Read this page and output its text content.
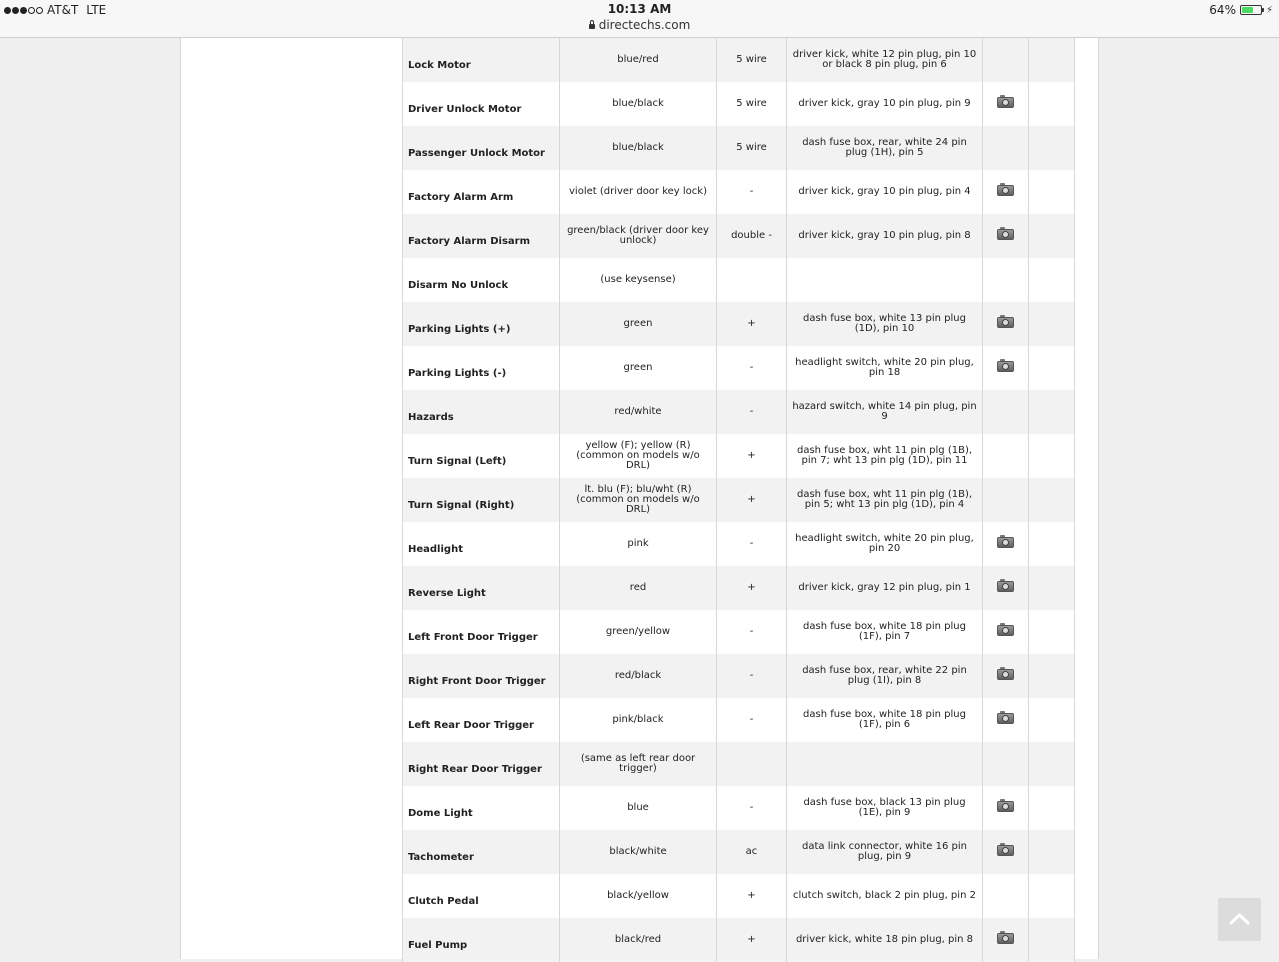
AT&T LTE	10:13 AM
directechs.com
64%	⚡
Lock Motor	blue/red	5 wire	driver kick, white 12 pin plug, pin 10 or black 8 pin plug, pin 6		
Driver Unlock Motor	blue/black	5 wire	driver kick, gray 10 pin plug, pin 9		
Passenger Unlock Motor	blue/black	5 wire	dash fuse box, rear, white 24 pin plug (1H), pin 5		
Factory Alarm Arm	violet (driver door key lock)	-	driver kick, gray 10 pin plug, pin 4		
Factory Alarm Disarm	green/black (driver door key unlock)	double -	driver kick, gray 10 pin plug, pin 8		
Disarm No Unlock	(use keysense)				
Parking Lights (+)	green	+	dash fuse box, white 13 pin plug (1D), pin 10		
Parking Lights (-)	green	-	headlight switch, white 20 pin plug, pin 18		
Hazards	red/white	-	hazard switch, white 14 pin plug, pin 9		
Turn Signal (Left)	yellow (F); yellow (R) (common on models w/o DRL)	+	dash fuse box, wht 11 pin plg (1B), pin 7; wht 13 pin plg (1D), pin 11		
Turn Signal (Right)	lt. blu (F); blu/wht (R)(common on models w/o DRL)	+	dash fuse box, wht 11 pin plg (1B), pin 5; wht 13 pin plg (1D), pin 4		
Headlight	pink	-	headlight switch, white 20 pin plug, pin 20		
Reverse Light	red	+	driver kick, gray 12 pin plug, pin 1		
Left Front Door Trigger	green/yellow	-	dash fuse box, white 18 pin plug (1F), pin 7		
Right Front Door Trigger	red/black	-	dash fuse box, rear, white 22 pin plug (1I), pin 8		
Left Rear Door Trigger	pink/black	-	dash fuse box, white 18 pin plug (1F), pin 6		
Right Rear Door Trigger	(same as left rear door trigger)				
Dome Light	blue	-	dash fuse box, black 13 pin plug (1E), pin 9		
Tachometer	black/white	ac	data link connector, white 16 pin plug, pin 9		
Clutch Pedal	black/yellow	+	clutch switch, black 2 pin plug, pin 2		
Fuel Pump	black/red	+	driver kick, white 18 pin plug, pin 8		
